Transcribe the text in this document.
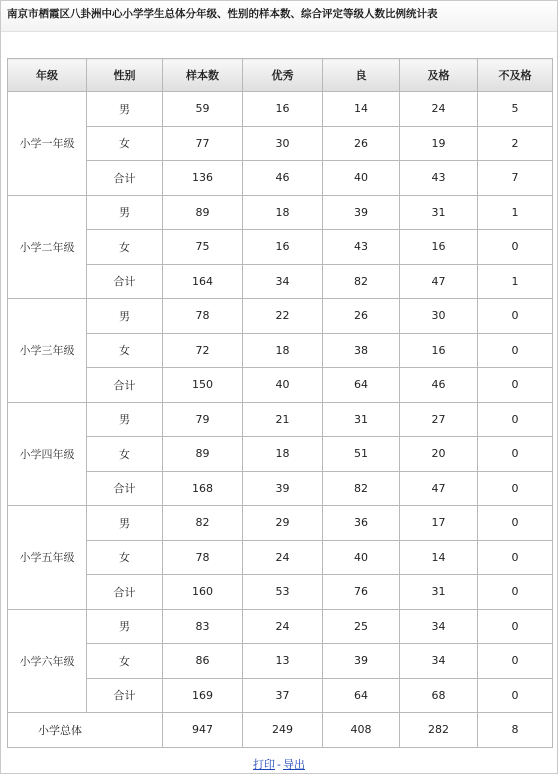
南京市栖霞区八卦洲中心小学学生总体分年级、性别的样本数、综合评定等级人数比例统计表
年级	性别	样本数	优秀	良	及格	不及格
小学一年级	男	59	16	14	24	5
	女	77	30	26	19	2
	合计	136	46	40	43	7
小学二年级	男	89	18	39	31	1
	女	75	16	43	16	0
	合计	164	34	82	47	1
小学三年级	男	78	22	26	30	0
	女	72	18	38	16	0
	合计	150	40	64	46	0
小学四年级	男	79	21	31	27	0
	女	89	18	51	20	0
	合计	168	39	82	47	0
小学五年级	男	82	29	36	17	0
	女	78	24	40	14	0
	合计	160	53	76	31	0
小学六年级	男	83	24	25	34	0
	女	86	13	39	34	0
	合计	169	37	64	68	0
小学总体		947	249	408	282	8
打印 - 导出
